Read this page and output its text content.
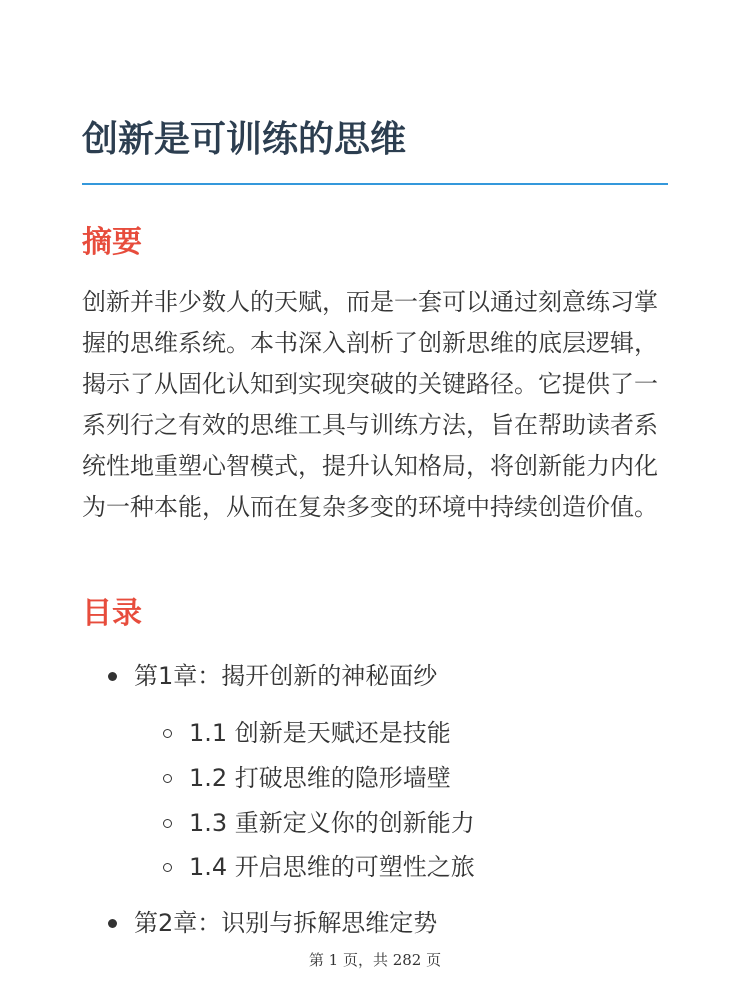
创新是可训练的思维
摘要

创新并非少数人的天赋，而是一套可以通过刻意练习掌握的思维系统。本书深入剖析了创新思维的底层逻辑，揭示了从固化认知到实现突破的关键路径。它提供了一系列行之有效的思维工具与训练方法，旨在帮助读者系统性地重塑心智模式，提升认知格局，将创新能力内化为一种本能，从而在复杂多变的环境中持续创造价值。

目录
第1章：揭开创新的神秘面纱
1.1 创新是天赋还是技能
1.2 打破思维的隐形墙壁
1.3 重新定义你的创新能力
1.4 开启思维的可塑性之旅
第2章：识别与拆解思维定势
第 1 页，共 282 页
